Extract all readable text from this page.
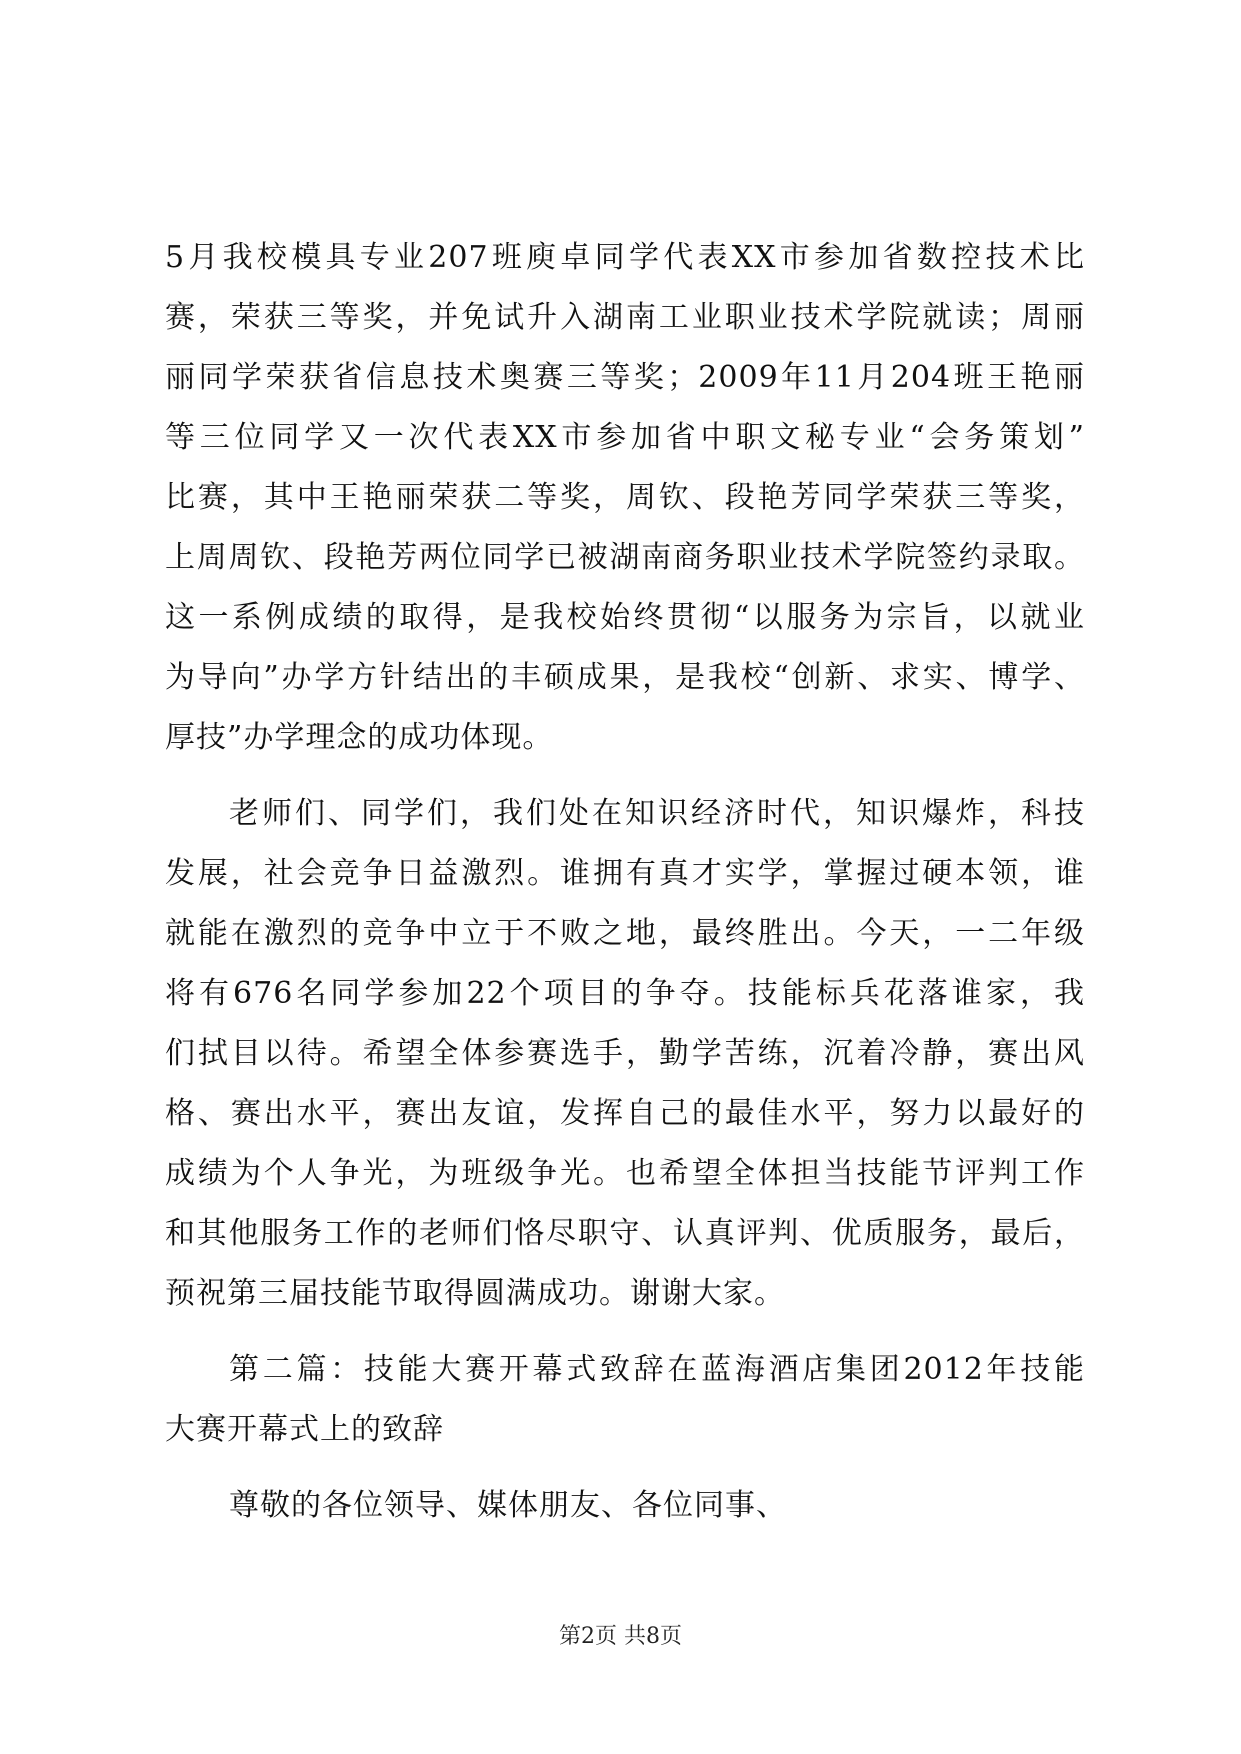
5月我校模具专业207班庾卓同学代表XX市参加省数控技术比
赛，荣获三等奖，并免试升入湖南工业职业技术学院就读；周丽
丽同学荣获省信息技术奥赛三等奖；2009年11月204班王艳丽
等三位同学又一次代表XX市参加省中职文秘专业“会务策划”
比赛，其中王艳丽荣获二等奖，周钦、段艳芳同学荣获三等奖，
上周周钦、段艳芳两位同学已被湖南商务职业技术学院签约录取。
这一系例成绩的取得，是我校始终贯彻“以服务为宗旨，以就业
为导向”办学方针结出的丰硕成果，是我校“创新、求实、博学、
厚技”办学理念的成功体现。
老师们、同学们，我们处在知识经济时代，知识爆炸，科技
发展，社会竞争日益激烈。谁拥有真才实学，掌握过硬本领，谁
就能在激烈的竞争中立于不败之地，最终胜出。今天，一二年级
将有676名同学参加22个项目的争夺。技能标兵花落谁家，我
们拭目以待。希望全体参赛选手，勤学苦练，沉着冷静，赛出风
格、赛出水平，赛出友谊，发挥自己的最佳水平，努力以最好的
成绩为个人争光，为班级争光。也希望全体担当技能节评判工作
和其他服务工作的老师们恪尽职守、认真评判、优质服务，最后，
预祝第三届技能节取得圆满成功。谢谢大家。
第二篇：技能大赛开幕式致辞在蓝海酒店集团2012年技能
大赛开幕式上的致辞
尊敬的各位领导、媒体朋友、各位同事、
第2页 共8页
